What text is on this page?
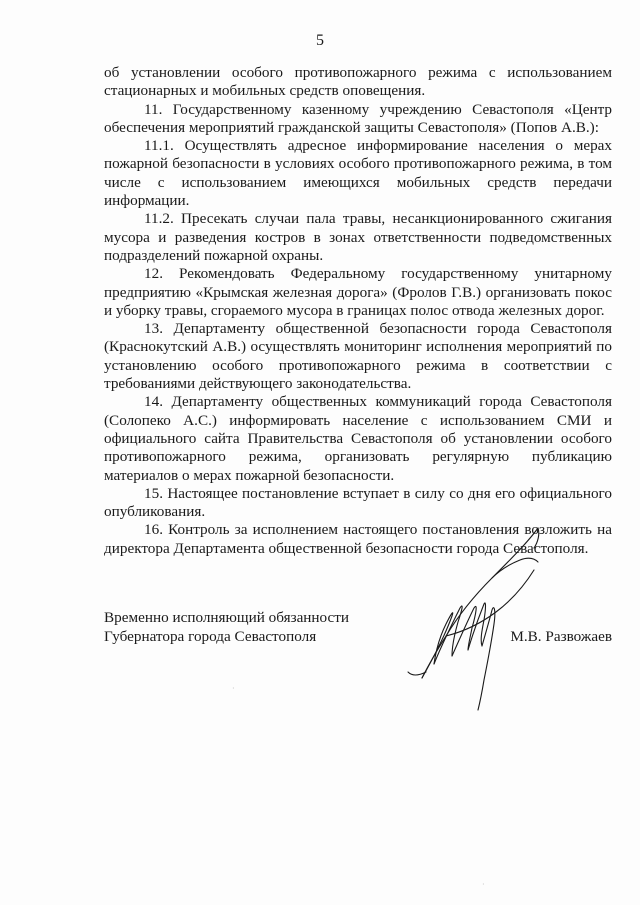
5

об установлении особого противопожарного режима с использованием стационарных и мобильных средств оповещения.

11. Государственному казенному учреждению Севастополя «Центр обеспечения мероприятий гражданской защиты Севастополя» (Попов А.В.):

11.1. Осуществлять адресное информирование населения о мерах пожарной безопасности в условиях особого противопожарного режима, в том числе с использованием имеющихся мобильных средств передачи информации.

11.2. Пресекать случаи пала травы, несанкционированного сжигания мусора и разведения костров в зонах ответственности подведомственных подразделений пожарной охраны.

12. Рекомендовать Федеральному государственному унитарному предприятию «Крымская железная дорога» (Фролов Г.В.) организовать покос и уборку травы, сгораемого мусора в границах полос отвода железных дорог.

13. Департаменту общественной безопасности города Севастополя (Краснокутский А.В.) осуществлять мониторинг исполнения мероприятий по установлению особого противопожарного режима в соответствии с требованиями действующего законодательства.

14. Департаменту общественных коммуникаций города Севастополя (Солопеко А.С.) информировать население с использованием СМИ и официального сайта Правительства Севастополя об установлении особого противопожарного режима, организовать регулярную публикацию материалов о мерах пожарной безопасности.

15. Настоящее постановление вступает в силу со дня его официального опубликования.

16. Контроль за исполнением настоящего постановления возложить на директора Департамента общественной безопасности города Севастополя.

Временно исполняющий обязанности

Губернатора города Севастополя	М.В. Развожаев

·
·
